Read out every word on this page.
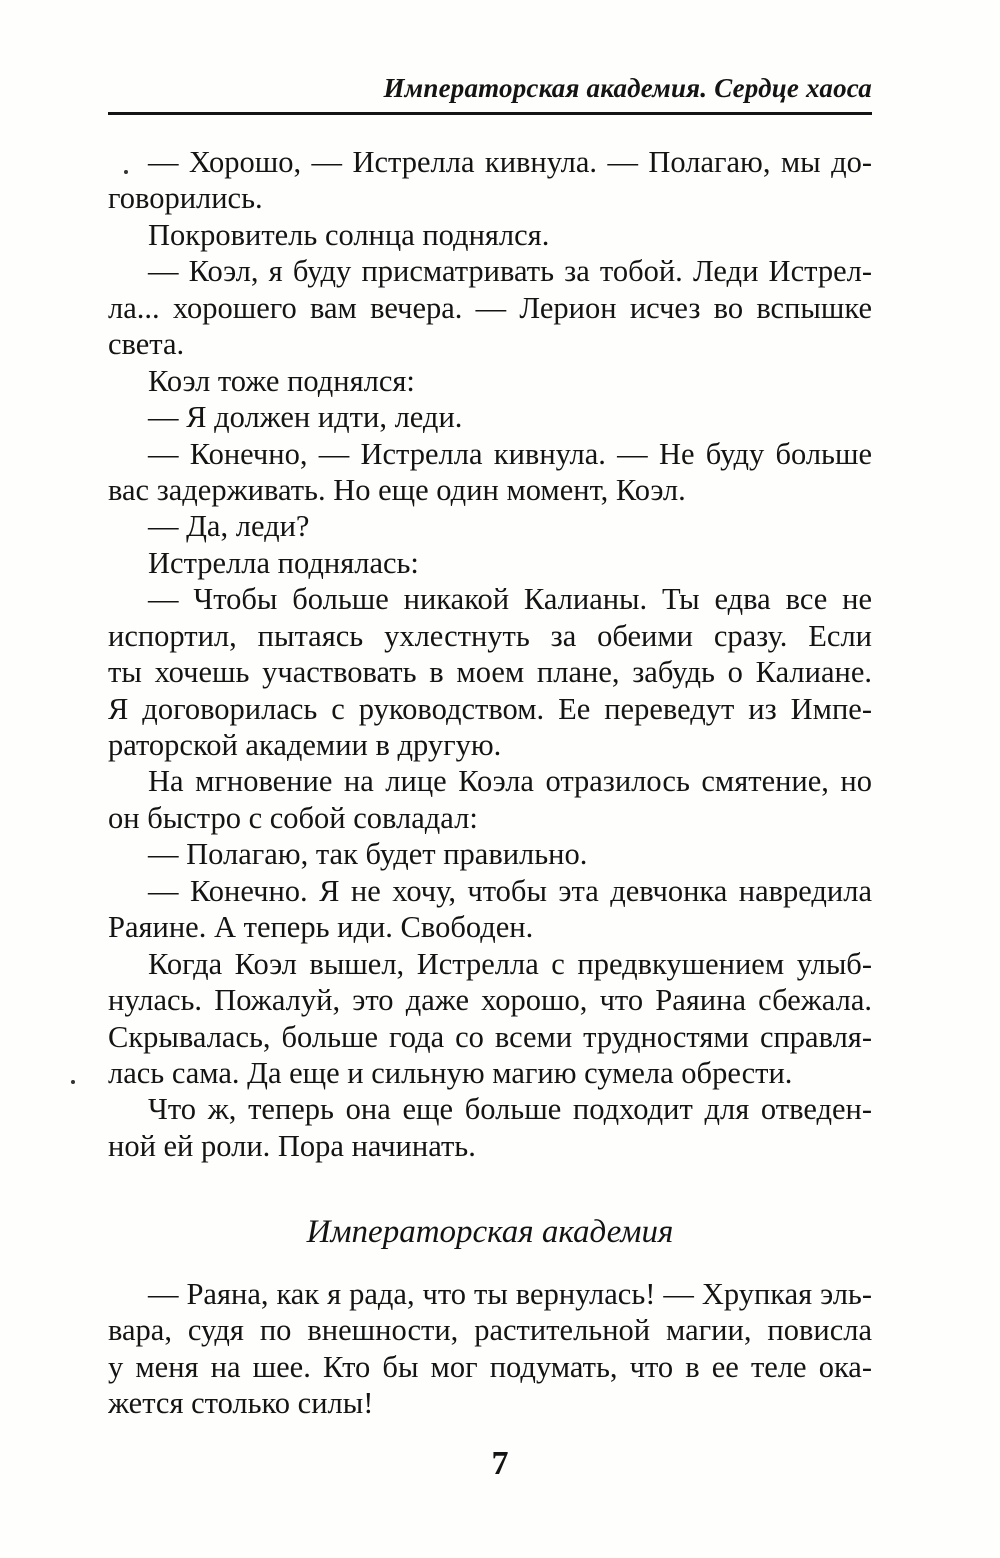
Императорская академия. Сердце хаоса
— Хорошо, — Истрелла кивнула. — Полагаю, мы до-
говорились.
Покровитель солнца поднялся.
— Коэл, я буду присматривать за тобой. Леди Истрел-
ла... хорошего вам вечера. — Лерион исчез во вспышке
света.
Коэл тоже поднялся:
— Я должен идти, леди.
— Конечно, — Истрелла кивнула. — Не буду больше
вас задерживать. Но еще один момент, Коэл.
— Да, леди?
Истрелла поднялась:
— Чтобы больше никакой Калианы. Ты едва все не
испортил, пытаясь ухлестнуть за обеими сразу. Если
ты хочешь участвовать в моем плане, забудь о Калиане.
Я договорилась с руководством. Ее переведут из Импе-
раторской академии в другую.
На мгновение на лице Коэла отразилось смятение, но
он быстро с собой совладал:
— Полагаю, так будет правильно.
— Конечно. Я не хочу, чтобы эта девчонка навредила
Раяине. А теперь иди. Свободен.
Когда Коэл вышел, Истрелла с предвкушением улыб-
нулась. Пожалуй, это даже хорошо, что Раяина сбежала.
Скрывалась, больше года со всеми трудностями справля-
лась сама. Да еще и сильную магию сумела обрести.
Что ж, теперь она еще больше подходит для отведен-
ной ей роли. Пора начинать.
Императорская академия
— Раяна, как я рада, что ты вернулась! — Хрупкая эль-
вара, судя по внешности, растительной магии, повисла
у меня на шее. Кто бы мог подумать, что в ее теле ока-
жется столько силы!
7
